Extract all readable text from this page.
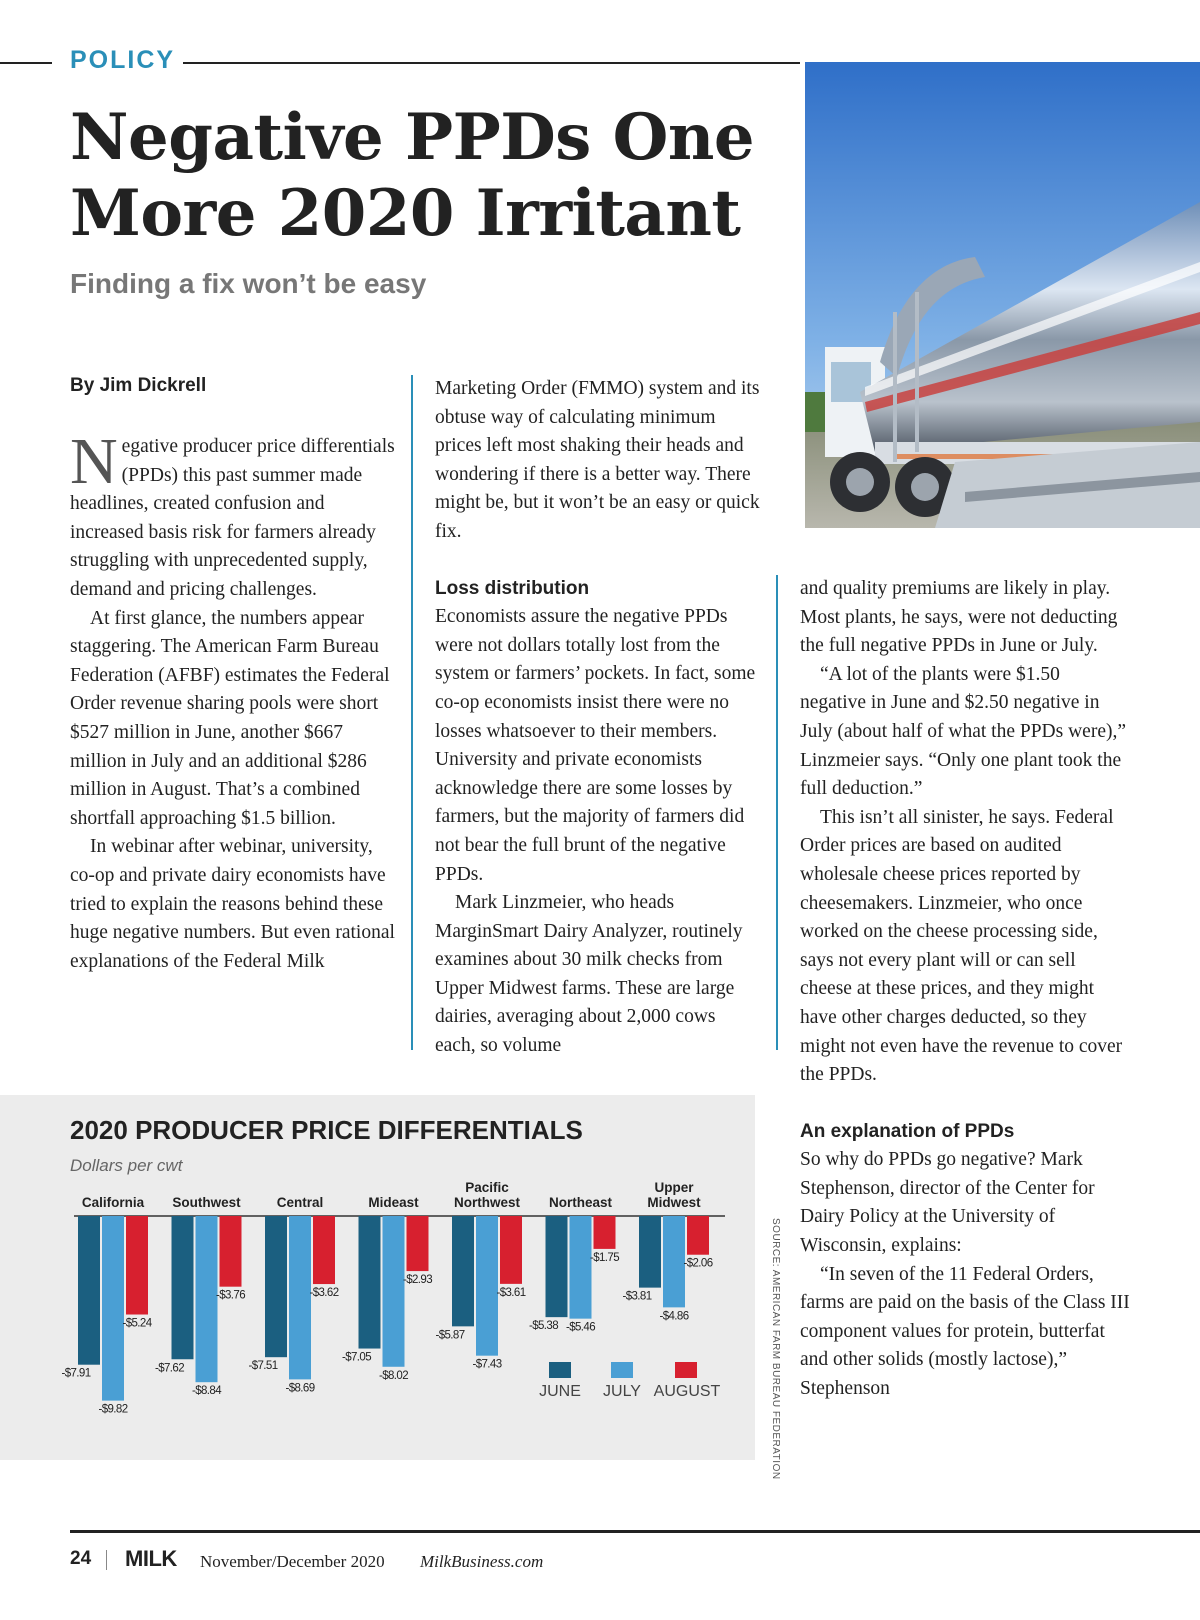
POLICY
Negative PPDs One
More 2020 Irritant
Finding a fix won’t be easy
By Jim Dickrell

Negative producer price differentials (PPDs) this past summer made headlines, created confusion and increased basis risk for farmers already struggling with unprecedented supply, demand and pricing challenges.

At first glance, the numbers appear staggering. The American Farm Bureau Federation (AFBF) estimates the Federal Order revenue sharing pools were short $527 million in June, another $667 million in July and an additional $286 million in August. That’s a combined shortfall approaching $1.5 billion.

In webinar after webinar, university, co-op and private dairy economists have tried to explain the reasons behind these huge negative numbers. But even rational explanations of the Federal Milk

Marketing Order (FMMO) system and its obtuse way of calculating minimum prices left most shaking their heads and wondering if there is a better way. There might be, but it won’t be an easy or quick fix.

Loss distribution

Economists assure the negative PPDs were not dollars totally lost from the system or farmers’ pockets. In fact, some co-op economists insist there were no losses whatsoever to their members. University and private economists acknowledge there are some losses by farmers, but the majority of farmers did not bear the full brunt of the negative PPDs.

Mark Linzmeier, who heads MarginSmart Dairy Analyzer, routinely examines about 30 milk checks from Upper Midwest farms. These are large dairies, averaging about 2,000 cows each, so volume

and quality premiums are likely in play. Most plants, he says, were not deducting the full negative PPDs in June or July.

“A lot of the plants were $1.50 negative in June and $2.50 negative in July (about half of what the PPDs were),” Linzmeier says. “Only one plant took the full deduction.”

This isn’t all sinister, he says. Federal Order prices are based on audited wholesale cheese prices reported by cheesemakers. Linzmeier, who once worked on the cheese processing side, says not every plant will or can sell cheese at these prices, and they might have other charges deducted, so they might not even have the revenue to cover the PPDs.

An explanation of PPDs

So why do PPDs go negative? Mark Stephenson, director of the Center for Dairy Policy at the University of Wisconsin, explains:

“In seven of the 11 Federal Orders, farms are paid on the basis of the Class III component values for protein, butterfat and other solids (mostly lactose),” Stephenson

2020 PRODUCER PRICE DIFFERENTIALS
Dollars per cwt
California
-$7.91
-$9.82
-$5.24
Southwest
-$7.62
-$8.84
-$3.76
Central
-$7.51
-$8.69
-$3.62
Mideast
-$7.05
-$8.02
-$2.93
Pacific
Northwest
-$5.87
-$7.43
-$3.61
Northeast
-$5.38 -$5.46
-$1.75
Upper
Midwest
-$3.81
-$4.86
-$2.06
JUNE JULY AUGUST	SOURCE: AMERICAN FARM BUREAU FEDERATION
24 MILK November/December 2020 MilkBusiness.com
